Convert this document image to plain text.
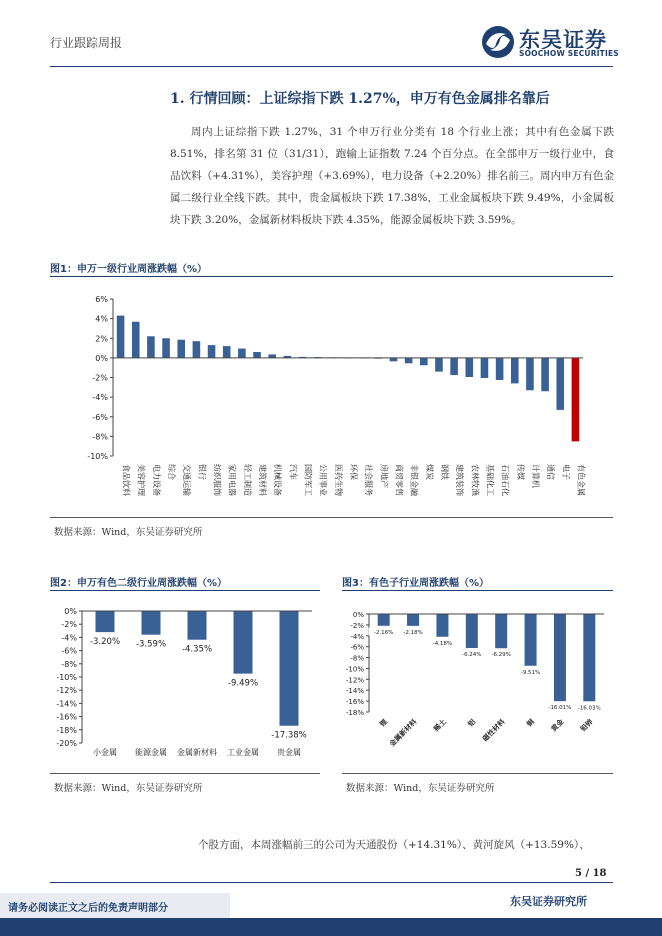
行业跟踪周报	东吴证券
SOOCHOW SECURITIES
1. 行情回顾：上证综指下跌 1.27%，申万有色金属排名靠后

周内上证综指下跌 1.27%，31 个申万行业分类有 18 个行业上涨；其中有色金属下跌 8.51%，排名第 31 位（31/31），跑输上证指数 7.24 个百分点。在全部申万一级行业中，食品饮料（+4.31%），美容护理（+3.69%），电力设备（+2.20%）排名前三。周内申万有色金属二级行业全线下跌。其中，贵金属板块下跌 17.38%，工业金属板块下跌 9.49%，小金属板块下跌 3.20%，金属新材料板块下跌 4.35%，能源金属板块下跌 3.59%。

图1：申万一级行业周涨跌幅（%）
6%
4%
2%
0%
-2%
-4%
-6%
-8%
-10%
食品饮料 美容护理 电力设备 综合 交通运输 银行 纺织服饰 家用电器 轻工制造 建筑材料 机械设备 汽车 国防军工 公用事业 医药生物 环保 社会服务 房地产 商贸零售 非银金融 煤炭 钢铁 建筑装饰 农林牧渔 基础化工 石油石化 传媒 计算机 通信 电子 有色金属
数据来源：Wind，东吴证券研究所
图2：申万有色二级行业周涨跌幅（%）
0%
-2%
-4%
-6%
-8%
-10%
-12%
-14%
-16%
-18%
-20%
-3.20%
小金属
-3.59%
能源金属
-4.35%
金属新材料
-9.49%
工业金属
-17.38%
贵金属
数据来源：Wind，东吴证券研究所
图3：有色子行业周涨跌幅（%）
0%
-2%
-4%
-6%
-8%
-10%
-12%
-14%
-16%
-18%
-2.16%
锂
-2.18%
金属新材料
-4.18%
稀土
-6.24%
铝
-6.29%
磁性材料
-9.51%
铜
-16.01%
黄金
-16.03%
铅锌
数据来源：Wind，东吴证券研究所
个股方面，本周涨幅前三的公司为天通股份（+14.31%）、黄河旋风（+13.59%）、
5 / 18
请务必阅读正文之后的免责声明部分
东吴证券研究所
